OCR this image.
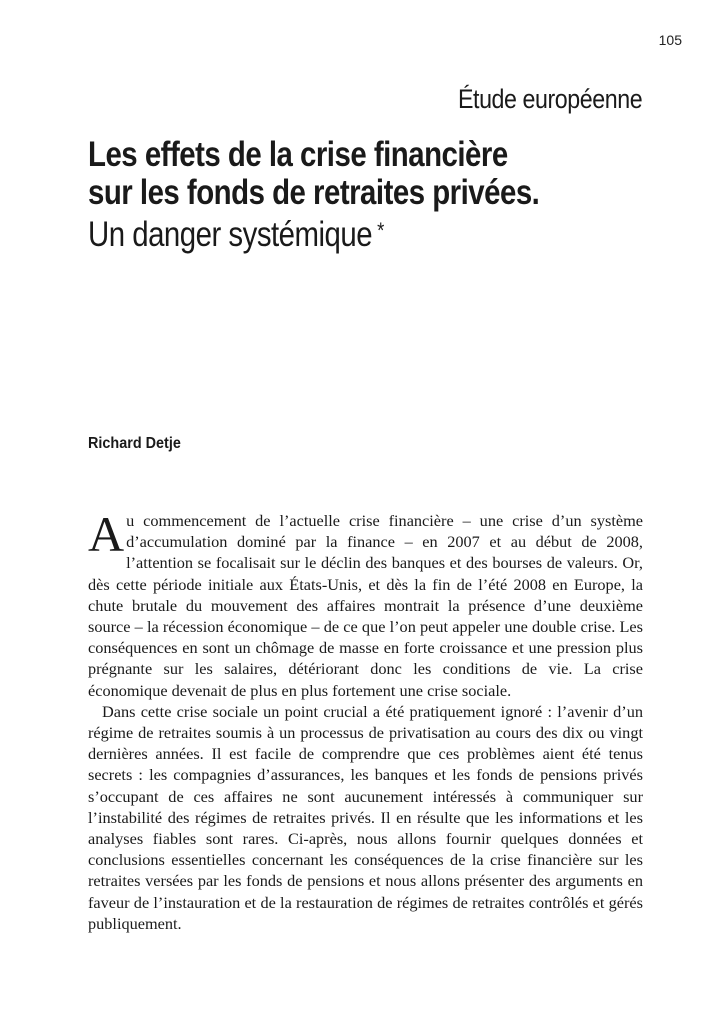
105
Étude européenne
Les effets de la crise financière
sur les fonds de retraites privées.
Un danger systémique *
Richard Detje

Au commencement de l’actuelle crise financière – une crise d’un système d’accumulation dominé par la finance – en 2007 et au début de 2008, l’attention se focalisait sur le déclin des banques et des bourses de valeurs. Or, dès cette période initiale aux États-Unis, et dès la fin de l’été 2008 en Europe, la chute brutale du mouvement des affaires montrait la présence d’une deuxième source – la récession économique – de ce que l’on peut appeler une double crise. Les conséquences en sont un chômage de masse en forte croissance et une pression plus prégnante sur les salaires, détériorant donc les conditions de vie. La crise économique devenait de plus en plus fortement une crise sociale.

Dans cette crise sociale un point crucial a été pratiquement ignoré : l’avenir d’un régime de retraites soumis à un processus de privatisation au cours des dix ou vingt dernières années. Il est facile de comprendre que ces problèmes aient été tenus secrets : les compagnies d’assurances, les banques et les fonds de pensions privés s’occupant de ces affaires ne sont aucunement intéressés à communiquer sur l’instabilité des régimes de retraites privés. Il en résulte que les informations et les analyses fiables sont rares. Ci-après, nous allons fournir quelques données et conclusions essentielles concernant les conséquences de la crise financière sur les retraites versées par les fonds de pensions et nous allons présenter des arguments en faveur de l’instauration et de la restauration de régimes de retraites contrôlés et gérés publiquement.
